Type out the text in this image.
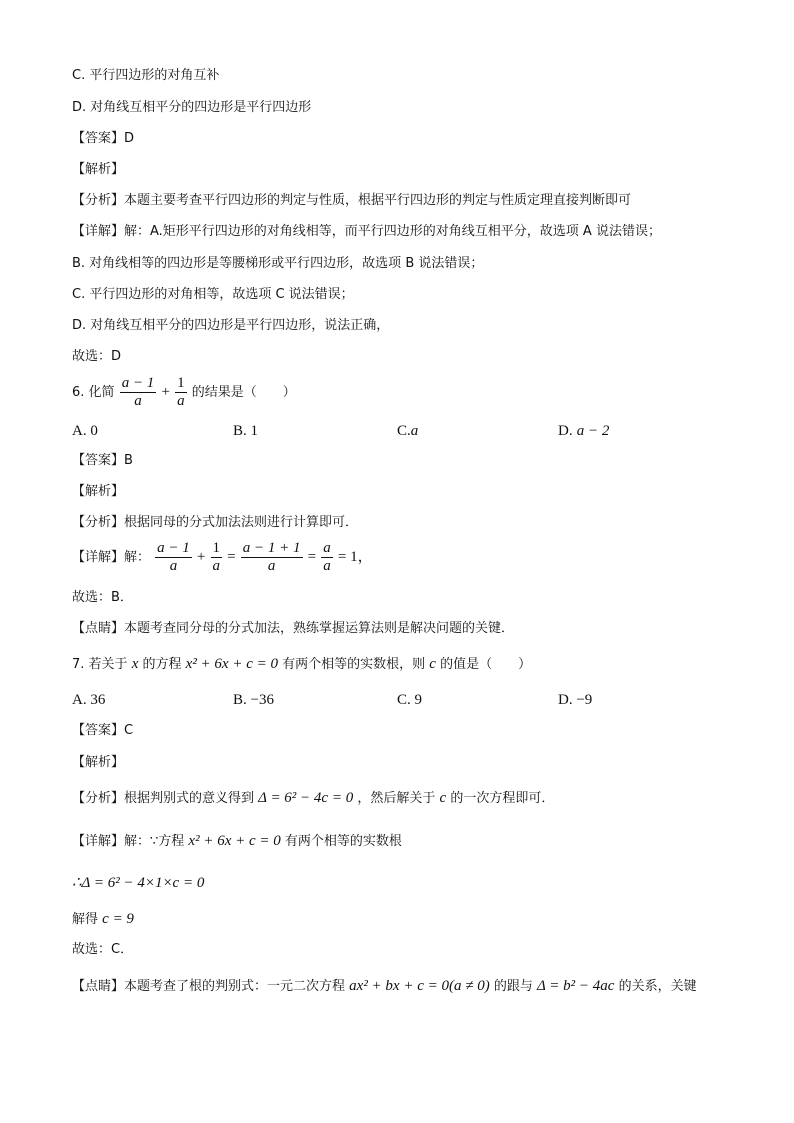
C. 平行四边形的对角互补
D. 对角线互相平分的四边形是平行四边形
【答案】D
【解析】
【分析】本题主要考查平行四边形的判定与性质，根据平行四边形的判定与性质定理直接判断即可
【详解】解：A.矩形平行四边形的对角线相等，而平行四边形的对角线互相平分，故选项 A 说法错误；
B. 对角线相等的四边形是等腰梯形或平行四边形，故选项 B 说法错误；
C. 平行四边形的对角相等，故选项 C 说法错误；
D. 对角线互相平分的四边形是平行四边形，说法正确，
故选：D
6. 化简 $\frac{a - 1}{a} + \frac{1}{a}$ 的结果是（　　）
A. 0	B. 1	C.a	D. a − 2
【答案】B
【解析】
【分析】根据同母的分式加法法则进行计算即可．
【详解】解： $\frac{a - 1}{a} + \frac{1}{a} = \frac{a - 1 + 1}{a} = \frac{a}{a} = 1$，
故选：B．
【点睛】本题考查同分母的分式加法，熟练掌握运算法则是解决问题的关键．
7. 若关于 x 的方程 x² + 6x + c = 0 有两个相等的实数根，则 c 的值是（　　）
A. 36	B. −36	C. 9	D. −9
【答案】C
【解析】
【分析】根据判别式的意义得到 Δ = 6² − 4c = 0 ，然后解关于 c 的一次方程即可．
【详解】解：∵方程 x² + 6x + c = 0 有两个相等的实数根
∴Δ = 6² − 4×1×c = 0
解得 c = 9
故选：C．
【点睛】本题考查了根的判别式：一元二次方程 ax² + bx + c = 0(a ≠ 0) 的跟与 Δ = b² − 4ac 的关系，关键
